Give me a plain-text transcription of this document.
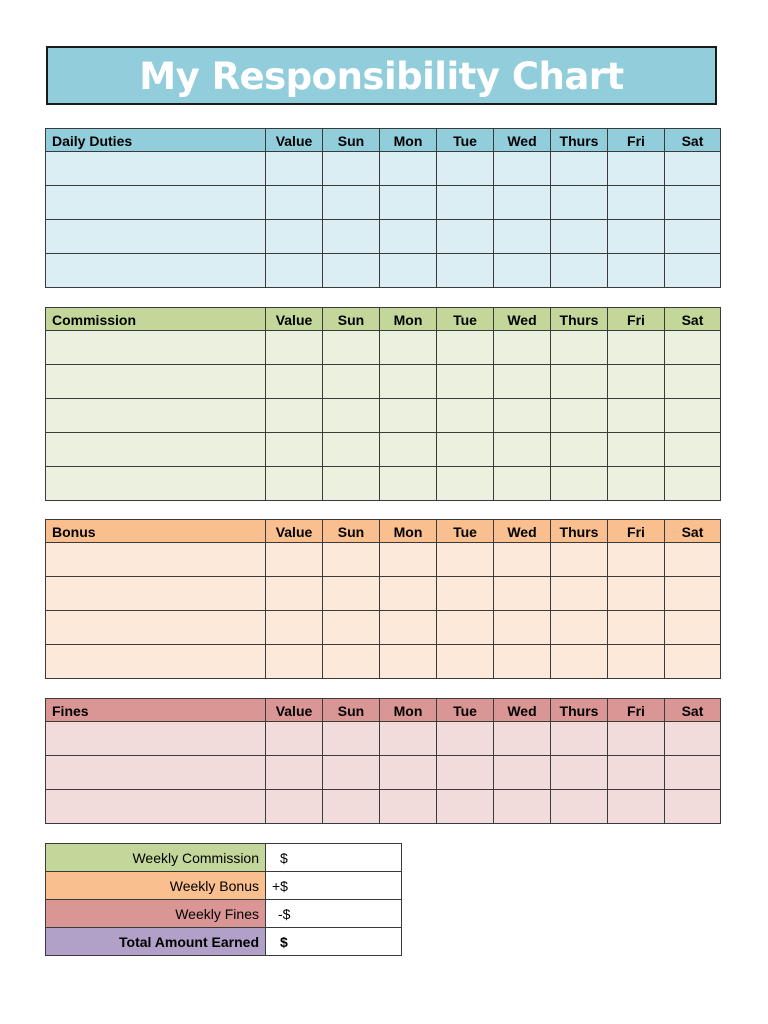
My Responsibility Chart
Daily Duties	Value	Sun	Mon	Tue	Wed	Thurs	Fri	Sat

Commission	Value	Sun	Mon	Tue	Wed	Thurs	Fri	Sat

Bonus	Value	Sun	Mon	Tue	Wed	Thurs	Fri	Sat

Fines	Value	Sun	Mon	Tue	Wed	Thurs	Fri	Sat

Weekly Commission	$
Weekly Bonus	+$
Weekly Fines	-$
Total Amount Earned	$
